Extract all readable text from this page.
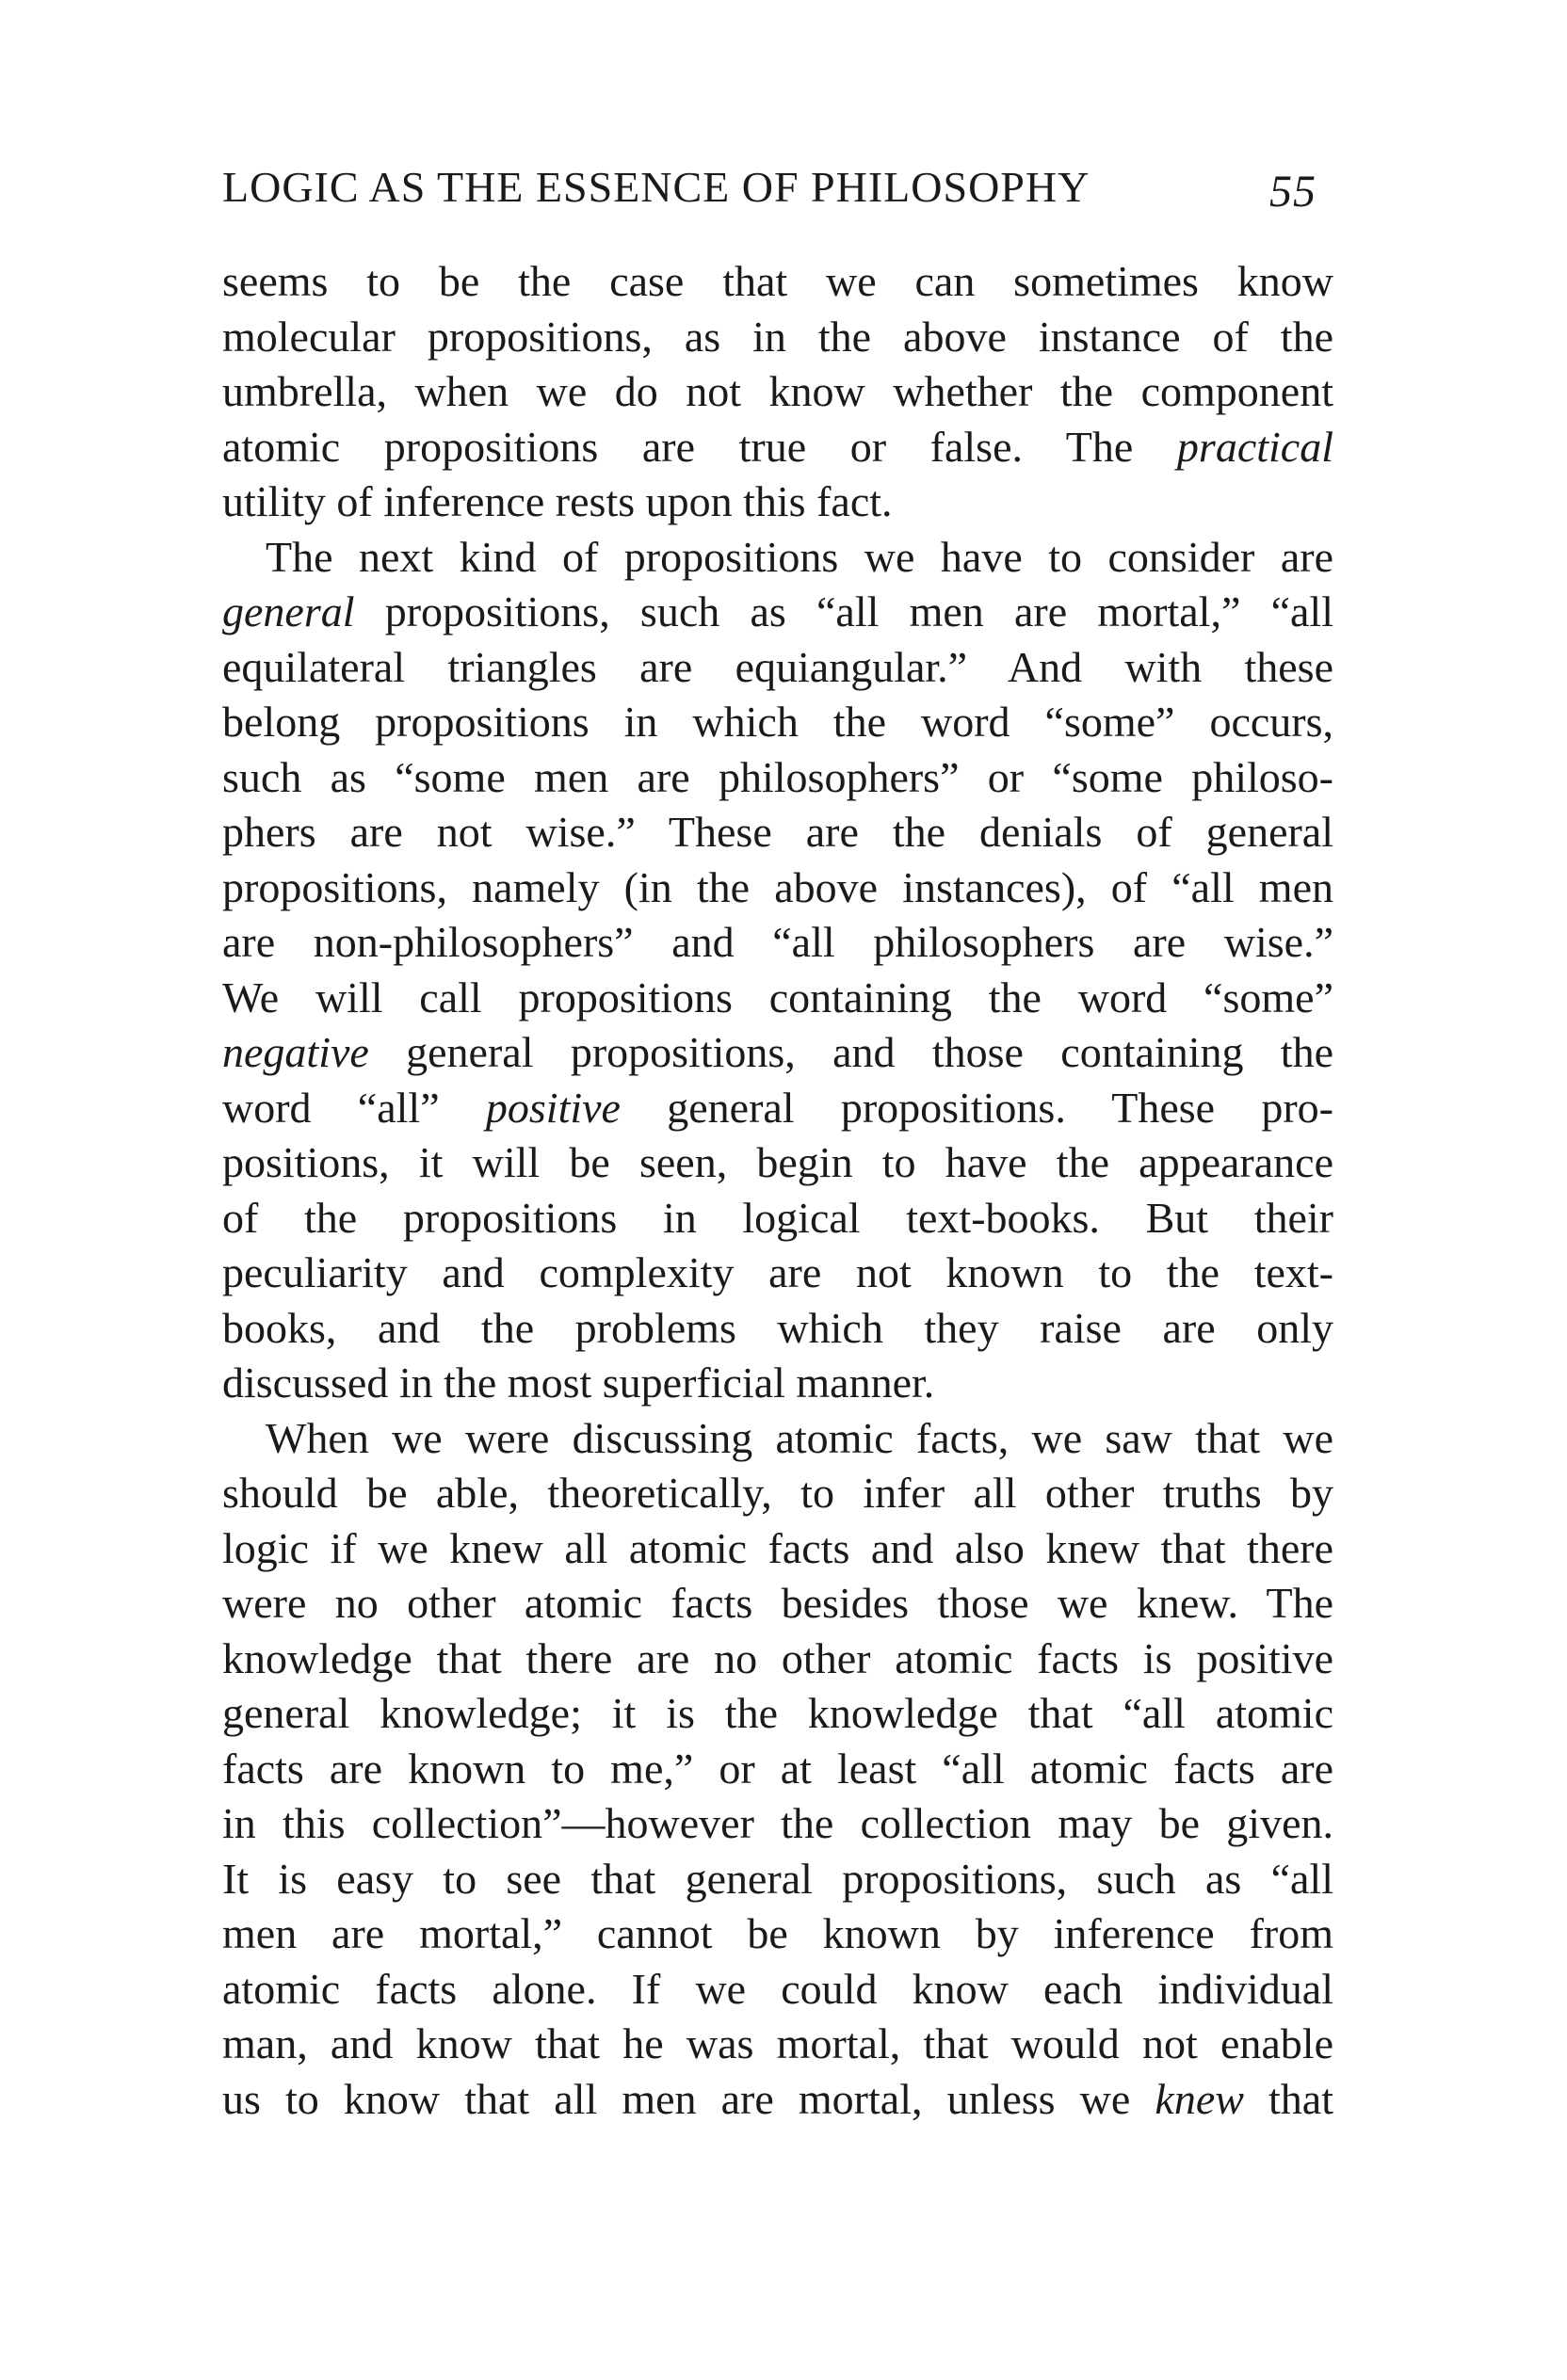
LOGIC AS THE ESSENCE OF PHILOSOPHY	55
seems to be the case that we can sometimes know
molecular propositions, as in the above instance of the
umbrella, when we do not know whether the component
atomic propositions are true or false. The practical
utility of inference rests upon this fact.
The next kind of propositions we have to consider are
general propositions, such as “all men are mortal,” “all
equilateral triangles are equiangular.” And with these
belong propositions in which the word “some” occurs,
such as “some men are philosophers” or “some philoso-
phers are not wise.” These are the denials of general
propositions, namely (in the above instances), of “all men
are non-philosophers” and “all philosophers are wise.”
We will call propositions containing the word “some”
negative general propositions, and those containing the
word “all” positive general propositions. These pro-
positions, it will be seen, begin to have the appearance
of the propositions in logical text-books. But their
peculiarity and complexity are not known to the text-
books, and the problems which they raise are only
discussed in the most superficial manner.
When we were discussing atomic facts, we saw that we
should be able, theoretically, to infer all other truths by
logic if we knew all atomic facts and also knew that there
were no other atomic facts besides those we knew. The
knowledge that there are no other atomic facts is positive
general knowledge; it is the knowledge that “all atomic
facts are known to me,” or at least “all atomic facts are
in this collection”—however the collection may be given.
It is easy to see that general propositions, such as “all
men are mortal,” cannot be known by inference from
atomic facts alone. If we could know each individual
man, and know that he was mortal, that would not enable
us to know that all men are mortal, unless we knew that
